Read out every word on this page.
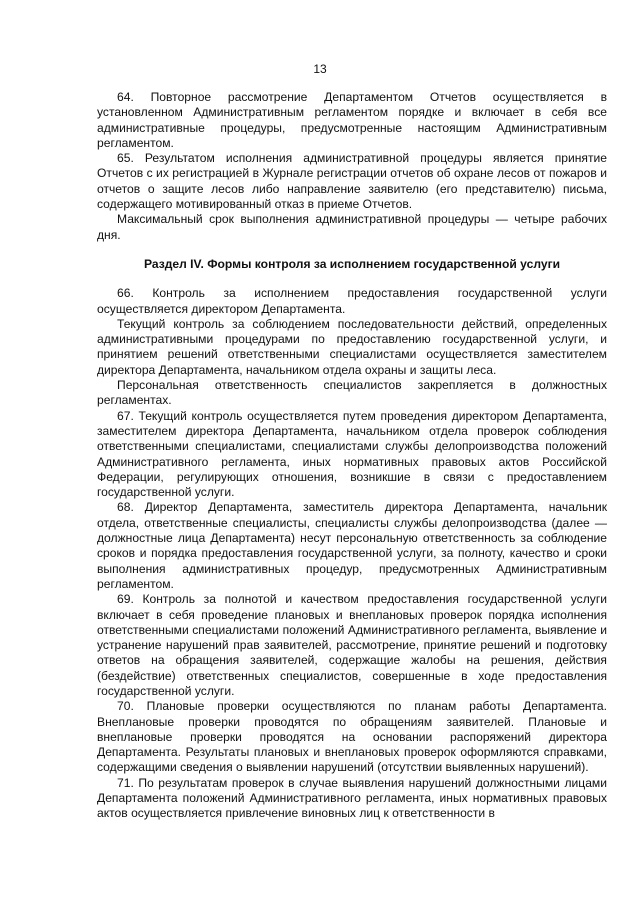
13

64. Повторное рассмотрение Департаментом Отчетов осуществляется в установленном Административным регламентом порядке и включает в себя все административные процедуры, предусмотренные настоящим Административным регламентом.

65. Результатом исполнения административной процедуры является принятие Отчетов с их регистрацией в Журнале регистрации отчетов об охране лесов от пожаров и отчетов о защите лесов либо направление заявителю (его представителю) письма, содержащего мотивированный отказ в приеме Отчетов.

Максимальный срок выполнения административной процедуры — четыре рабочих дня.

Раздел IV. Формы контроля за исполнением государственной услуги

66. Контроль за исполнением предоставления государственной услуги осуществляется директором Департамента.

Текущий контроль за соблюдением последовательности действий, определенных административными процедурами по предоставлению государственной услуги, и принятием решений ответственными специалистами осуществляется заместителем директора Департамента, начальником отдела охраны и защиты леса.

Персональная ответственность специалистов закрепляется в должностных регламентах.

67. Текущий контроль осуществляется путем проведения директором Департамента, заместителем директора Департамента, начальником отдела проверок соблюдения ответственными специалистами, специалистами службы делопроизводства положений Административного регламента, иных нормативных правовых актов Российской Федерации, регулирующих отношения, возникшие в связи с предоставлением государственной услуги.

68. Директор Департамента, заместитель директора Департамента, начальник отдела, ответственные специалисты, специалисты службы делопроизводства (далее — должностные лица Департамента) несут персональную ответственность за соблюдение сроков и порядка предоставления государственной услуги, за полноту, качество и сроки выполнения административных процедур, предусмотренных Административным регламентом.

69. Контроль за полнотой и качеством предоставления государственной услуги включает в себя проведение плановых и внеплановых проверок порядка исполнения ответственными специалистами положений Административного регламента, выявление и устранение нарушений прав заявителей, рассмотрение, принятие решений и подготовку ответов на обращения заявителей, содержащие жалобы на решения, действия (бездействие) ответственных специалистов, совершенные в ходе предоставления государственной услуги.

70. Плановые проверки осуществляются по планам работы Департамента. Внеплановые проверки проводятся по обращениям заявителей. Плановые и внеплановые проверки проводятся на основании распоряжений директора Департамента. Результаты плановых и внеплановых проверок оформляются справками, содержащими сведения о выявлении нарушений (отсутствии выявленных нарушений).

71. По результатам проверок в случае выявления нарушений должностными лицами Департамента положений Административного регламента, иных нормативных правовых актов осуществляется привлечение виновных лиц к ответственности в
